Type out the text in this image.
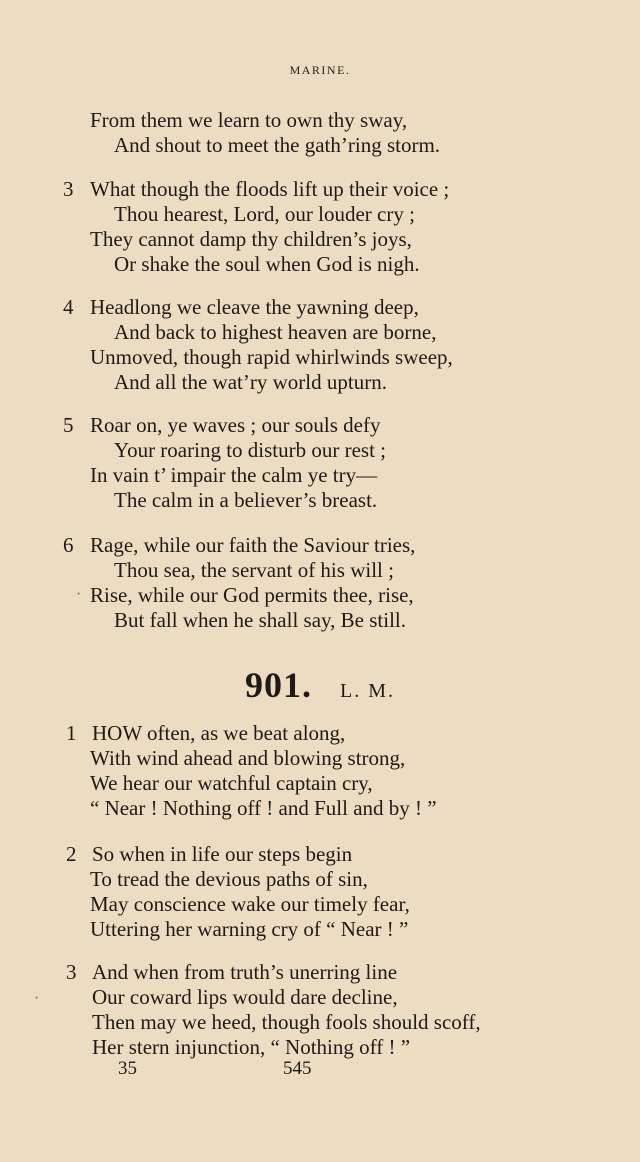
MARINE.
From them we learn to own thy sway,
And shout to meet the gath’ring storm.
3 What though the floods lift up their voice ;
Thou hearest, Lord, our louder cry ;
They cannot damp thy children’s joys,
Or shake the soul when God is nigh.
4 Headlong we cleave the yawning deep,
And back to highest heaven are borne,
Unmoved, though rapid whirlwinds sweep,
And all the wat’ry world upturn.
5 Roar on, ye waves ; our souls defy
Your roaring to disturb our rest ;
In vain t’ impair the calm ye try—
The calm in a believer’s breast.
6 Rage, while our faith the Saviour tries,
Thou sea, the servant of his will ;
· Rise, while our God permits thee, rise,
But fall when he shall say, Be still.
901. L. M.
1 HOW often, as we beat along,
With wind ahead and blowing strong,
We hear our watchful captain cry,
“ Near ! Nothing off ! and Full and by ! ”
2 So when in life our steps begin
To tread the devious paths of sin,
May conscience wake our timely fear,
Uttering her warning cry of “ Near ! ”
3 And when from truth’s unerring line
Our coward lips would dare decline,
·
Then may we heed, though fools should scoff,
Her stern injunction, “ Nothing off ! ”
35	545
